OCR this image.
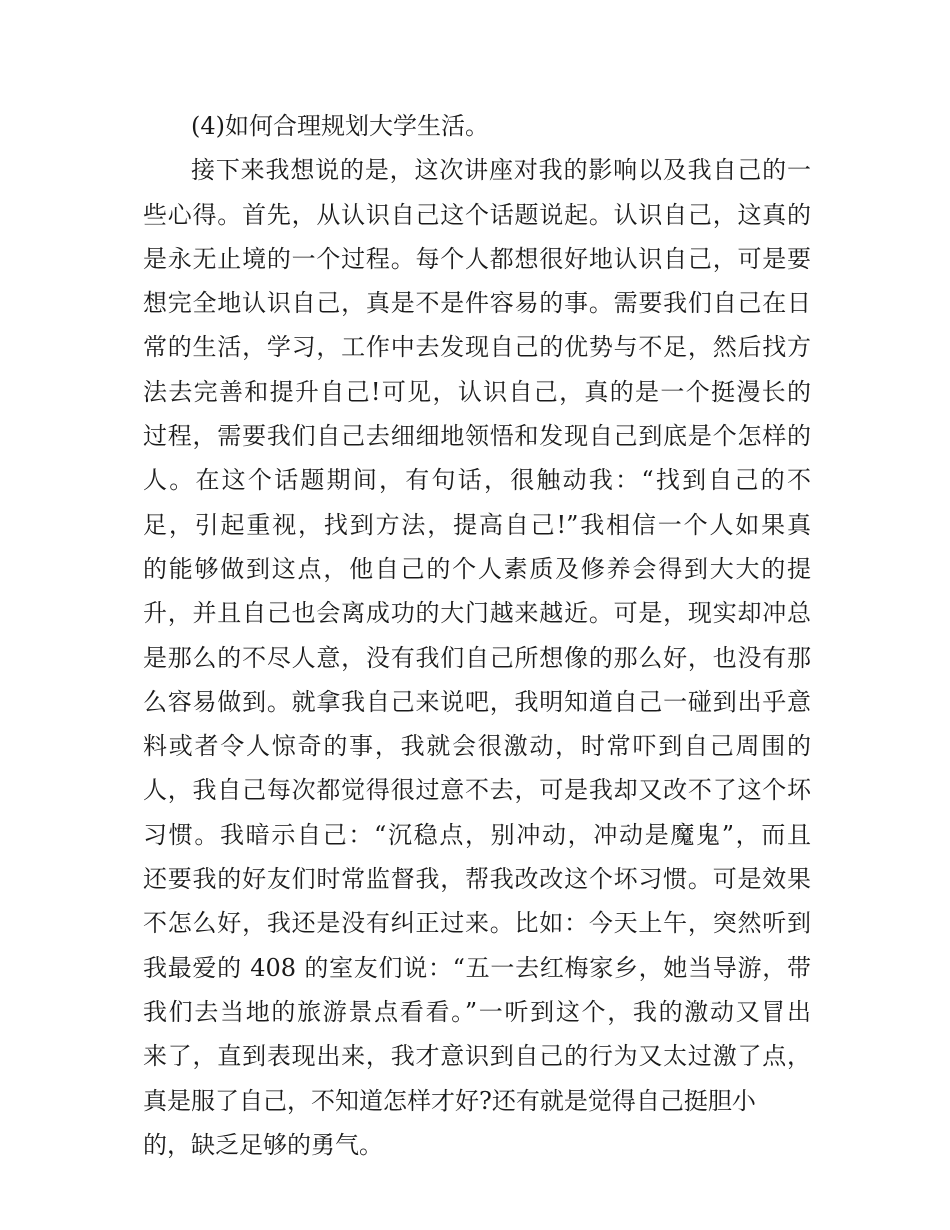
(4)如何合理规划大学生活。
接下来我想说的是，这次讲座对我的影响以及我自己的一
些心得。首先，从认识自己这个话题说起。认识自己，这真的
是永无止境的一个过程。每个人都想很好地认识自己，可是要
想完全地认识自己，真是不是件容易的事。需要我们自己在日
常的生活，学习，工作中去发现自己的优势与不足，然后找方
法去完善和提升自己!可见，认识自己，真的是一个挺漫长的
过程，需要我们自己去细细地领悟和发现自己到底是个怎样的
人。在这个话题期间，有句话，很触动我：“找到自己的不
足，引起重视，找到方法，提高自己!”我相信一个人如果真
的能够做到这点，他自己的个人素质及修养会得到大大的提
升，并且自己也会离成功的大门越来越近。可是，现实却冲总
是那么的不尽人意，没有我们自己所想像的那么好，也没有那
么容易做到。就拿我自己来说吧，我明知道自己一碰到出乎意
料或者令人惊奇的事，我就会很激动，时常吓到自己周围的
人，我自己每次都觉得很过意不去，可是我却又改不了这个坏
习惯。我暗示自己：“沉稳点，别冲动，冲动是魔鬼”，而且
还要我的好友们时常监督我，帮我改改这个坏习惯。可是效果
不怎么好，我还是没有纠正过来。比如：今天上午，突然听到
我最爱的 408 的室友们说：“五一去红梅家乡，她当导游，带
我们去当地的旅游景点看看。”一听到这个，我的激动又冒出
来了，直到表现出来，我才意识到自己的行为又太过激了点，
真是服了自己，不知道怎样才好?还有就是觉得自己挺胆小
的，缺乏足够的勇气。
